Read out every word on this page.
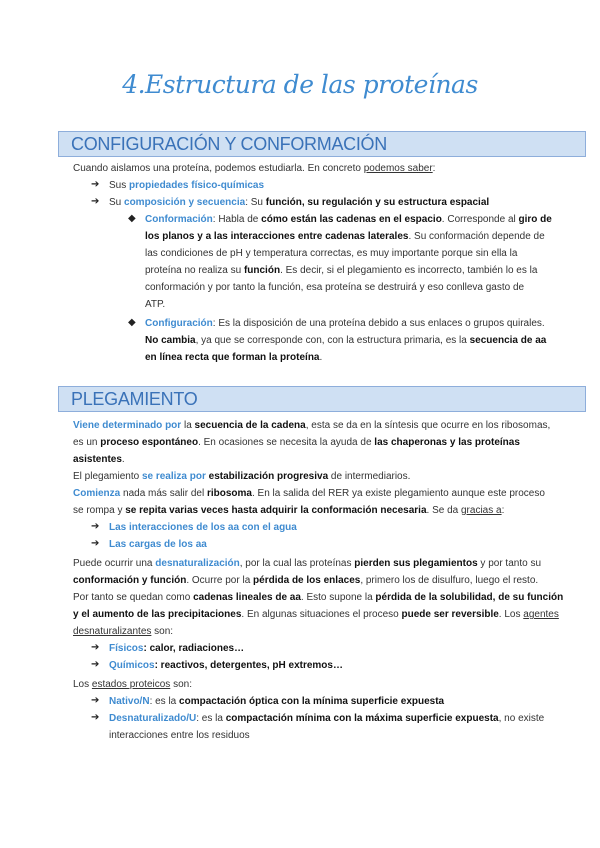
4.Estructura de las proteínas
CONFIGURACIÓN Y CONFORMACIÓN
Cuando aislamos una proteína, podemos estudiarla. En concreto podemos saber:
➔ Sus propiedades físico-químicas
➔ Su composición y secuencia: Su función, su regulación y su estructura espacial
◆ Conformación: Habla de cómo están las cadenas en el espacio. Corresponde al giro de
los planos y a las interacciones entre cadenas laterales. Su conformación depende de
las condiciones de pH y temperatura correctas, es muy importante porque sin ella la
proteína no realiza su función. Es decir, si el plegamiento es incorrecto, también lo es la
conformación y por tanto la función, esa proteína se destruirá y eso conlleva gasto de
ATP.
◆ Configuración: Es la disposición de una proteína debido a sus enlaces o grupos quirales.
No cambia, ya que se corresponde con, con la estructura primaria, es la secuencia de aa
en línea recta que forman la proteína.
PLEGAMIENTO
Viene determinado por la secuencia de la cadena, esta se da en la síntesis que ocurre en los ribosomas,
es un proceso espontáneo. En ocasiones se necesita la ayuda de las chaperonas y las proteínas
asistentes.
El plegamiento se realiza por estabilización progresiva de intermediarios.
Comienza nada más salir del ribosoma. En la salida del RER ya existe plegamiento aunque este proceso
se rompa y se repita varias veces hasta adquirir la conformación necesaria. Se da gracias a:
➔ Las interacciones de los aa con el agua
➔ Las cargas de los aa
Puede ocurrir una desnaturalización, por la cual las proteínas pierden sus plegamientos y por tanto su
conformación y función. Ocurre por la pérdida de los enlaces, primero los de disulfuro, luego el resto.
Por tanto se quedan como cadenas lineales de aa. Esto supone la pérdida de la solubilidad, de su función
y el aumento de las precipitaciones. En algunas situaciones el proceso puede ser reversible. Los agentes
desnaturalizantes son:
➔ Físicos: calor, radiaciones…
➔ Químicos: reactivos, detergentes, pH extremos…
Los estados proteicos son:
➔ Nativo/N: es la compactación óptica con la mínima superficie expuesta
➔ Desnaturalizado/U: es la compactación mínima con la máxima superficie expuesta, no existe
interacciones entre los residuos
